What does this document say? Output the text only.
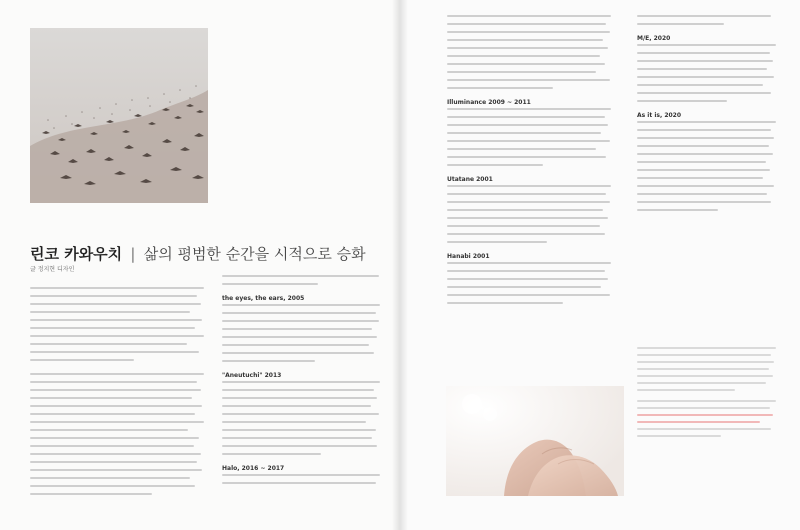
린코 카와우치 | 삶의 평범한 순간을 시적으로 승화
글 정지현 디자인
the eyes, the ears, 2005
"Aneutuchi" 2013
Halo, 2016 ~ 2017
Illuminance 2009 ~ 2011
Utatane 2001
Hanabi 2001
M/E, 2020
As it is, 2020
